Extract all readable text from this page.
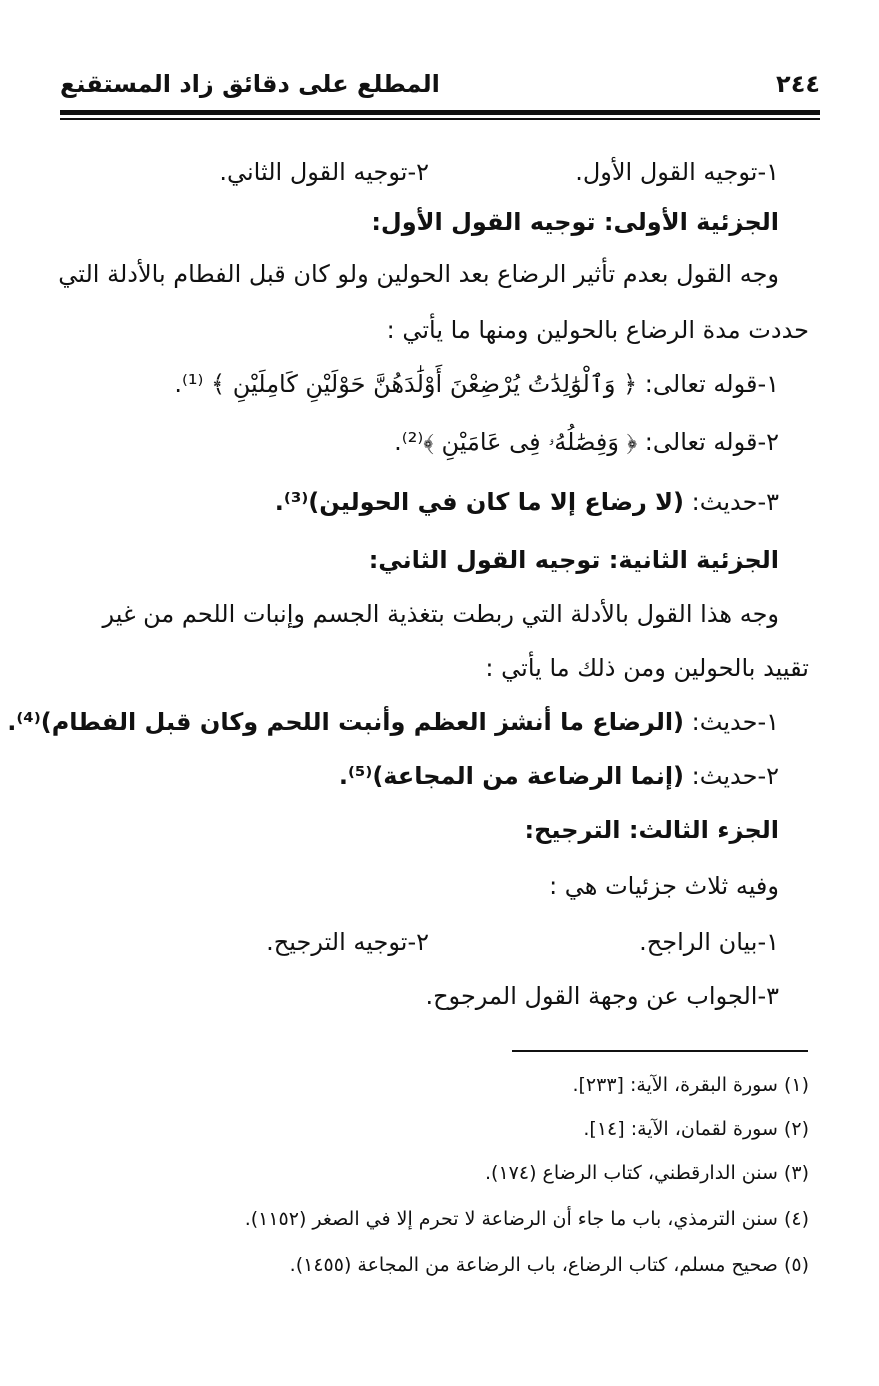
٢٤٤
المطلع على دقائق زاد المستقنع
١-توجيه القول الأول.
٢-توجيه القول الثاني.
الجزئية الأولى: توجيه القول الأول:
وجه القول بعدم تأثير الرضاع بعد الحولين ولو كان قبل الفطام بالأدلة التي
حددت مدة الرضاع بالحولين ومنها ما يأتي :
١-قوله تعالى: ﴿ وَٱلْوَٰلِدَٰتُ يُرْضِعْنَ أَوْلَٰدَهُنَّ حَوْلَيْنِ كَامِلَيْنِ ﴾ ⁽¹⁾.
٢-قوله تعالى: ﴿ وَفِصَٰلُهُۥ فِى عَامَيْنِ ﴾⁽²⁾.
٣-حديث: (لا رضاع إلا ما كان في الحولين)⁽³⁾.
الجزئية الثانية: توجيه القول الثاني:
وجه هذا القول بالأدلة التي ربطت بتغذية الجسم وإنبات اللحم من غير
تقييد بالحولين ومن ذلك ما يأتي :
١-حديث: (الرضاع ما أنشز العظم وأنبت اللحم وكان قبل الفطام)⁽⁴⁾.
٢-حديث: (إنما الرضاعة من المجاعة)⁽⁵⁾.
الجزء الثالث: الترجيح:
وفيه ثلاث جزئيات هي :
١-بيان الراجح.
٢-توجيه الترجيح.
٣-الجواب عن وجهة القول المرجوح.
(١) سورة البقرة، الآية: [٢٣٣].
(٢) سورة لقمان، الآية: [١٤].
(٣) سنن الدارقطني، كتاب الرضاع (١٧٤).
(٤) سنن الترمذي، باب ما جاء أن الرضاعة لا تحرم إلا في الصغر (١١٥٢).
(٥) صحيح مسلم، كتاب الرضاع، باب الرضاعة من المجاعة (١٤٥٥).
